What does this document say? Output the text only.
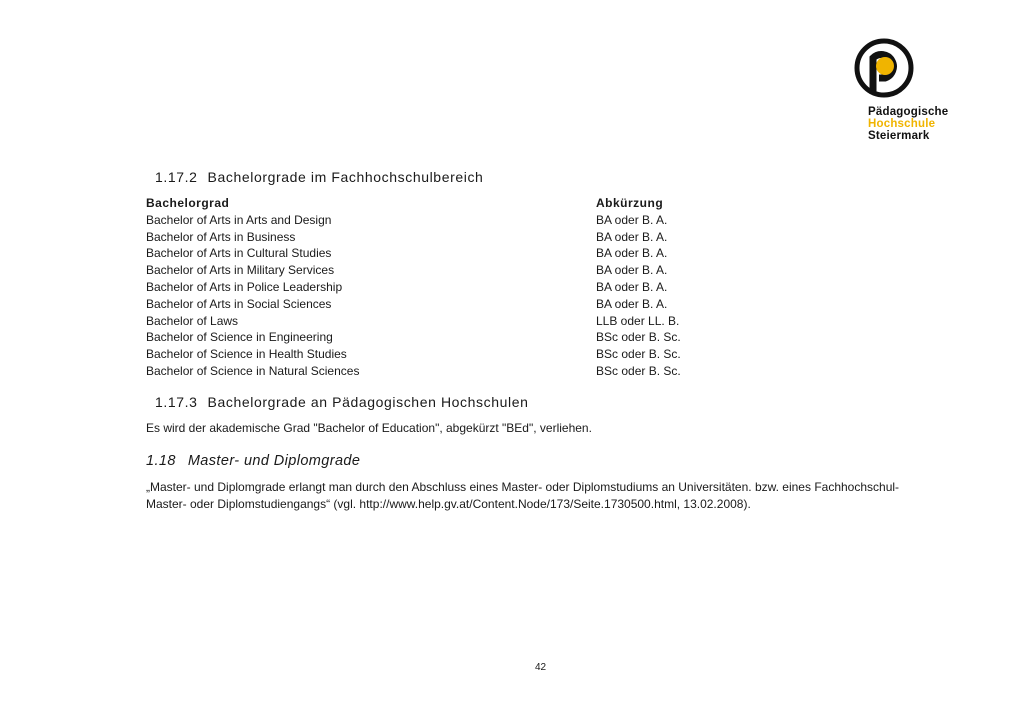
Pädagogische
Hochschule
Steiermark
1.17.2 Bachelorgrade im Fachhochschulbereich
Bachelorgrad	Abkürzung
Bachelor of Arts in Arts and Design	BA oder B. A.
Bachelor of Arts in Business	BA oder B. A.
Bachelor of Arts in Cultural Studies	BA oder B. A.
Bachelor of Arts in Military Services	BA oder B. A.
Bachelor of Arts in Police Leadership	BA oder B. A.
Bachelor of Arts in Social Sciences	BA oder B. A.
Bachelor of Laws	LLB oder LL. B.
Bachelor of Science in Engineering	BSc oder B. Sc.
Bachelor of Science in Health Studies	BSc oder B. Sc.
Bachelor of Science in Natural Sciences	BSc oder B. Sc.
1.17.3 Bachelorgrade an Pädagogischen Hochschulen
Es wird der akademische Grad "Bachelor of Education", abgekürzt "BEd", verliehen.
1.18 Master- und Diplomgrade
„Master- und Diplomgrade erlangt man durch den Abschluss eines Master- oder Diplomstudiums an Universitäten. bzw. eines Fachhochschul-
Master- oder Diplomstudiengangs“ (vgl. http://www.help.gv.at/Content.Node/173/Seite.1730500.html, 13.02.2008).
42
